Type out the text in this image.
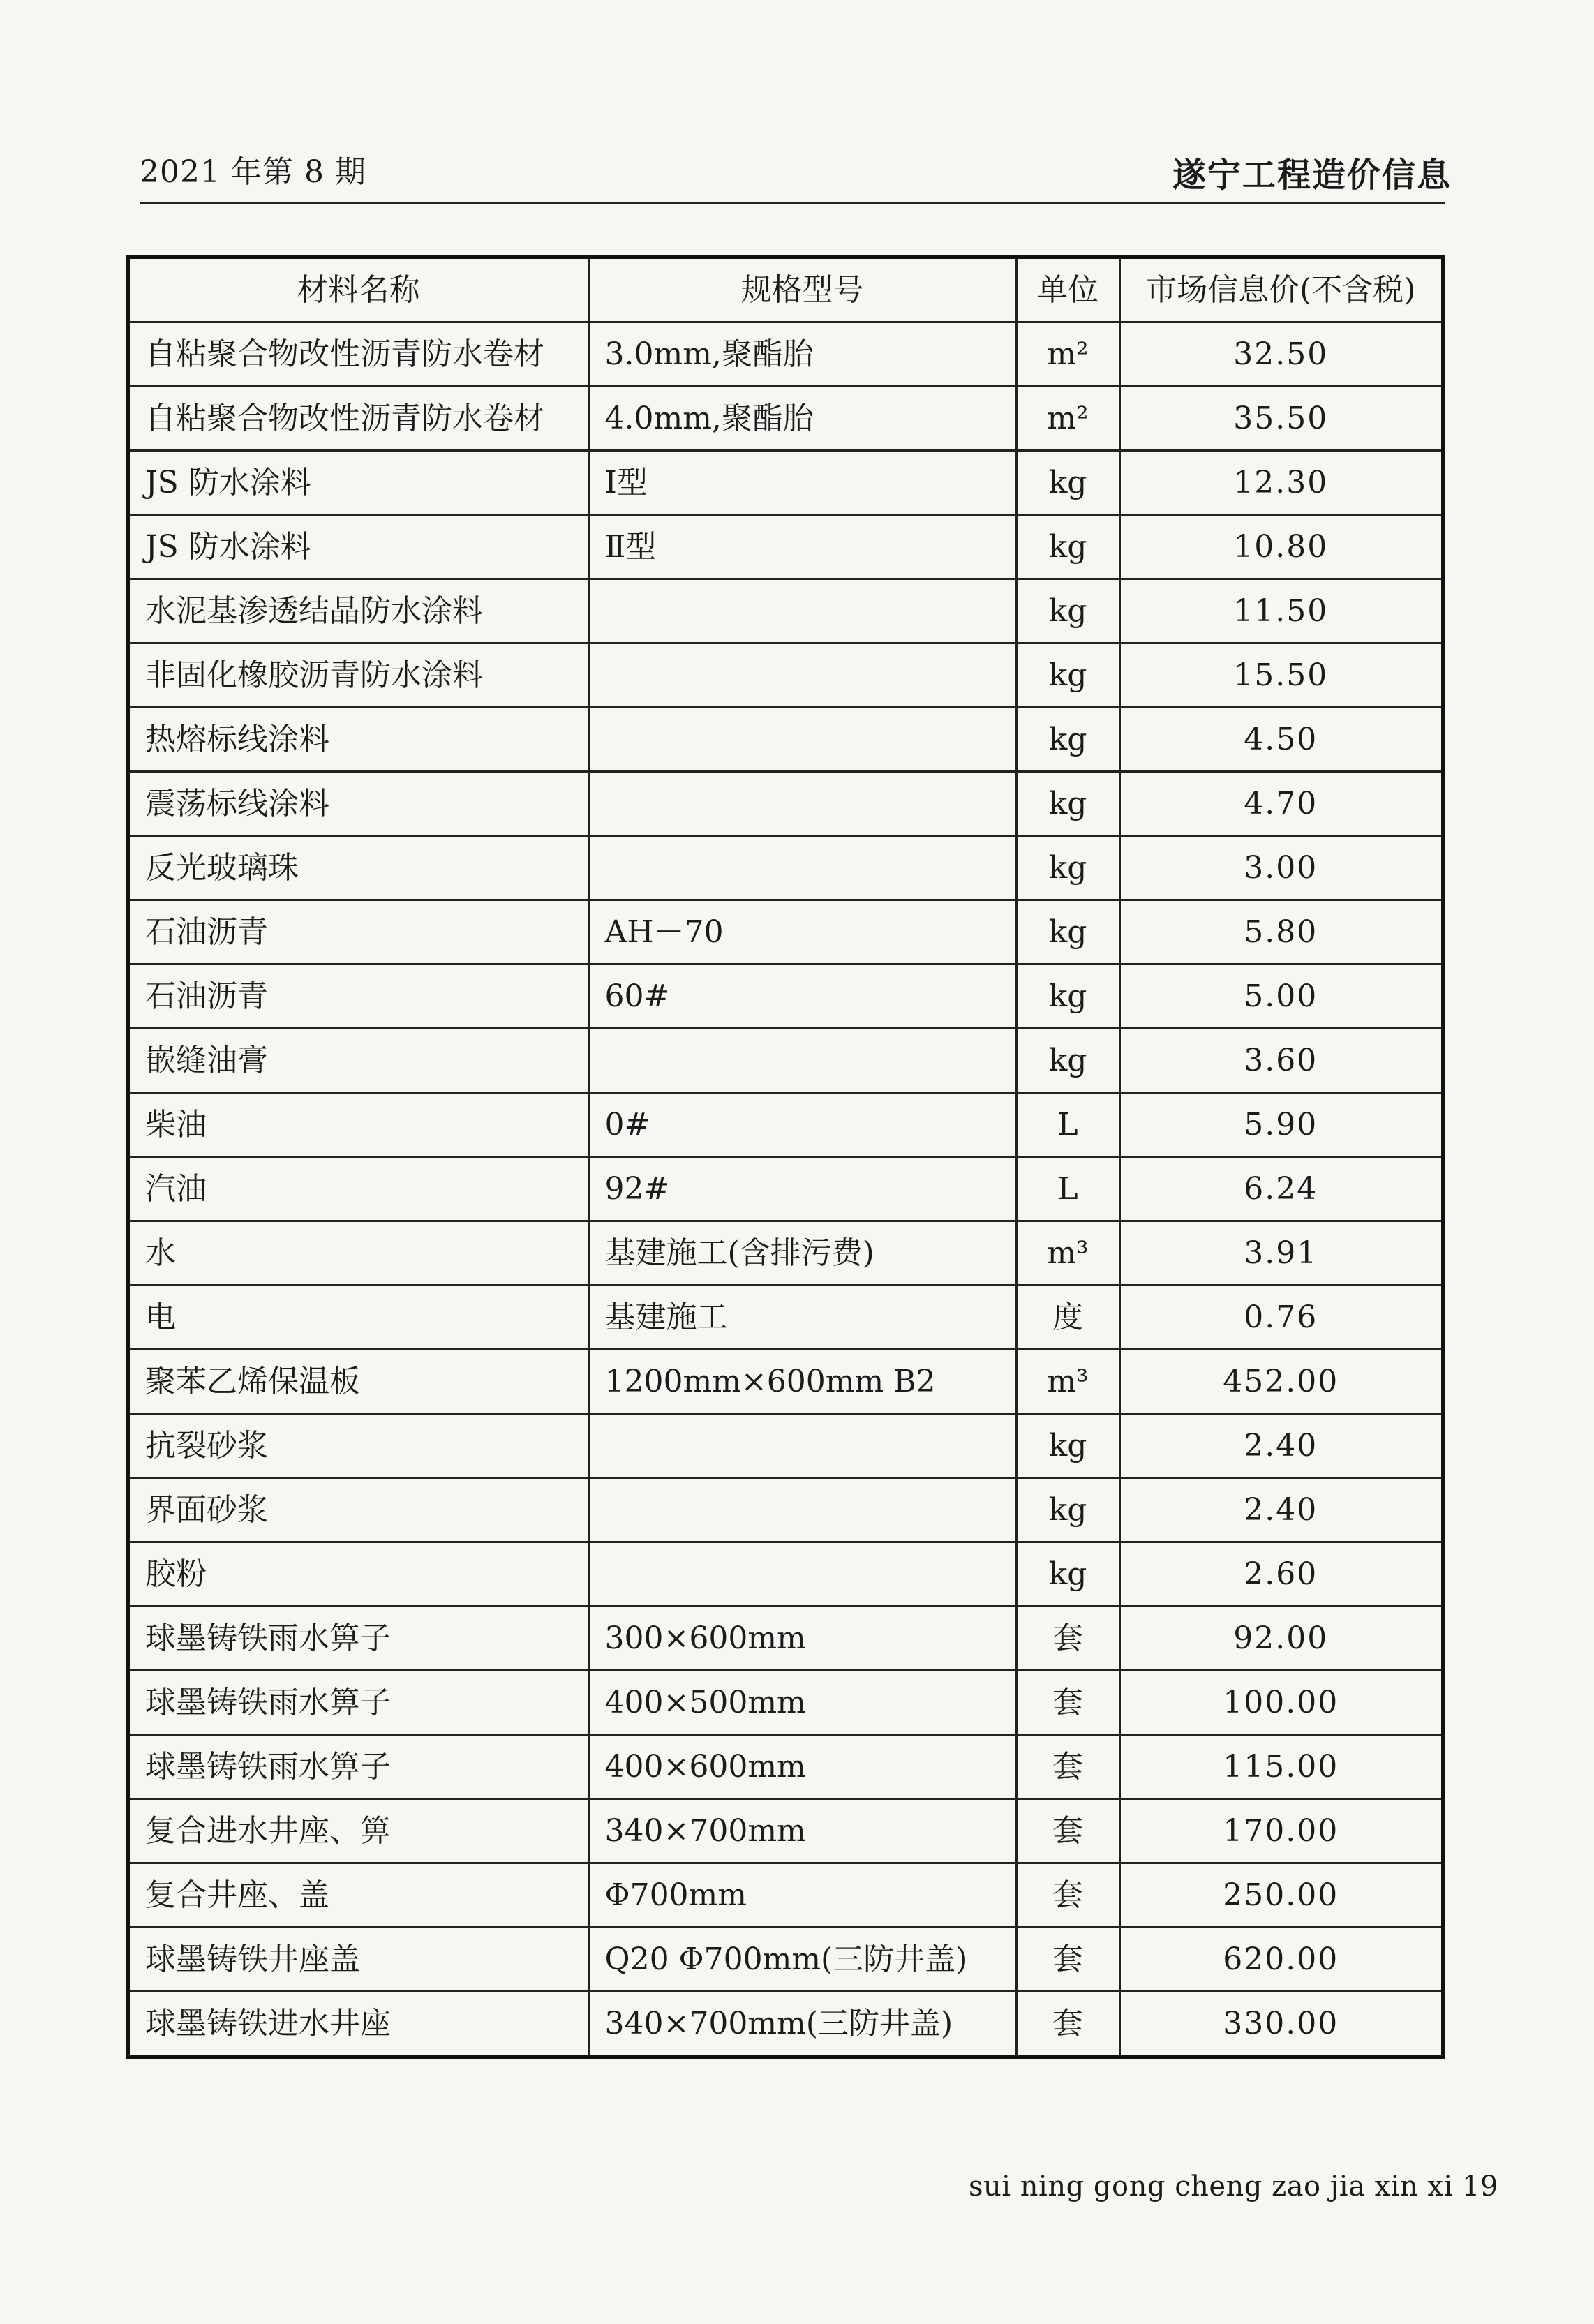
2021 年第 8 期	遂宁工程造价信息
材料名称	规格型号	单位	市场信息价(不含税)
自粘聚合物改性沥青防水卷材	3.0mm,聚酯胎	m²	32.50
自粘聚合物改性沥青防水卷材	4.0mm,聚酯胎	m²	35.50
JS 防水涂料	Ⅰ型	kg	12.30
JS 防水涂料	Ⅱ型	kg	10.80
水泥基渗透结晶防水涂料		kg	11.50
非固化橡胶沥青防水涂料		kg	15.50
热熔标线涂料		kg	4.50
震荡标线涂料		kg	4.70
反光玻璃珠		kg	3.00
石油沥青	AH－70	kg	5.80
石油沥青	60#	kg	5.00
嵌缝油膏		kg	3.60
柴油	0#	L	5.90
汽油	92#	L	6.24
水	基建施工(含排污费)	m³	3.91
电	基建施工	度	0.76
聚苯乙烯保温板	1200mm×600mm B2	m³	452.00
抗裂砂浆		kg	2.40
界面砂浆		kg	2.40
胶粉		kg	2.60
球墨铸铁雨水箅子	300×600mm	套	92.00
球墨铸铁雨水箅子	400×500mm	套	100.00
球墨铸铁雨水箅子	400×600mm	套	115.00
复合进水井座、箅	340×700mm	套	170.00
复合井座、盖	Φ700mm	套	250.00
球墨铸铁井座盖	Q20 Φ700mm(三防井盖)	套	620.00
球墨铸铁进水井座	340×700mm(三防井盖)	套	330.00
sui ning gong cheng zao jia xin xi 19
